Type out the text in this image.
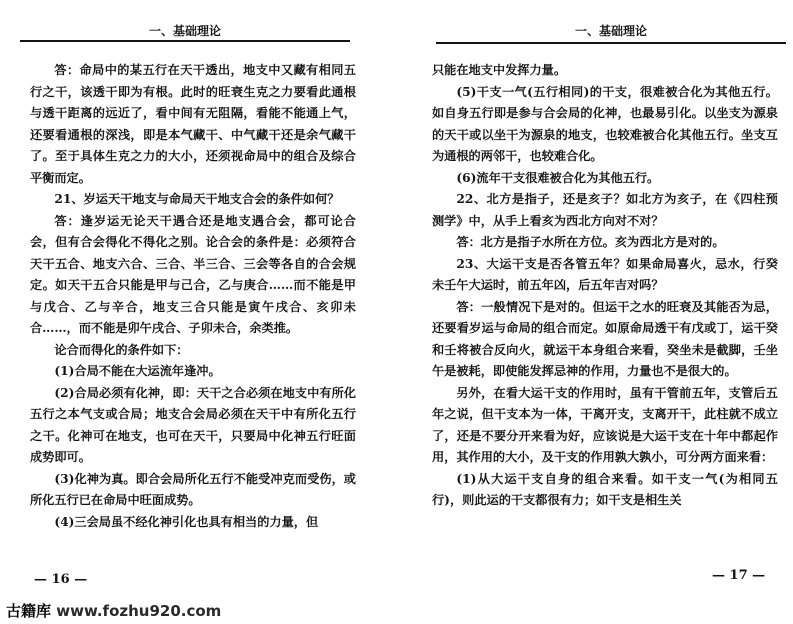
一、基础理论

答：命局中的某五行在天干透出，地支中又藏有相同五行之干，该透干即为有根。此时的旺衰生克之力要看此通根与透干距离的远近了，看中间有无阻隔，看能不能通上气，还要看通根的深浅，即是本气藏干、中气藏干还是余气藏干了。至于具体生克之力的大小，还须视命局中的组合及综合平衡而定。

21、岁运天干地支与命局天干地支合会的条件如何？

答：逢岁运无论天干遇合还是地支遇合会，都可论合会，但有合会得化不得化之别。论合会的条件是：必须符合天干五合、地支六合、三合、半三合、三会等各自的合会规定。如天干五合只能是甲与己合，乙与庚合……而不能是甲与戊合、乙与辛合，地支三合只能是寅午戌合、亥卯未合……，而不能是卯午戌合、子卯未合，余类推。

论合而得化的条件如下：

(1)合局不能在大运流年逢冲。

(2)合局必须有化神，即：天干之合必须在地支中有所化五行之本气支或合局；地支合会局必须在天干中有所化五行之干。化神可在地支，也可在天干，只要局中化神五行旺面成势即可。

(3)化神为真。即合会局所化五行不能受冲克而受伤，或所化五行已在命局中旺面成势。

(4)三会局虽不经化神引化也具有相当的力量，但

— 16 —
一、基础理论

只能在地支中发挥力量。

(5)干支一气(五行相同)的干支，很难被合化为其他五行。如自身五行即是参与合会局的化神，也最易引化。以坐支为源泉的天干或以坐干为源泉的地支，也较难被合化其他五行。坐支互为通根的两邻干，也较难合化。

(6)流年干支很难被合化为其他五行。

22、北方是指子，还是亥子？如北方为亥子，在《四柱预测学》中，从手上看亥为西北方向对不对？

答：北方是指子水所在方位。亥为西北方是对的。

23、大运干支是否各管五年？如果命局喜火，忌水，行癸未壬午大运时，前五年凶，后五年吉对吗？

答：一般情况下是对的。但运干之水的旺衰及其能否为忌，还要看岁运与命局的组合而定。如原命局透干有戊或丁，运干癸和壬将被合反向火，就运干本身组合来看，癸坐未是截脚，壬坐午是被耗，即使能发挥忌神的作用，力量也不是很大的。

另外，在看大运干支的作用时，虽有干管前五年，支管后五年之说，但干支本为一体，干离开支，支离开干，此柱就不成立了，还是不要分开来看为好，应该说是大运干支在十年中都起作用，其作用的大小，及干支的作用孰大孰小，可分两方面来看：

(1)从大运干支自身的组合来看。如干支一气(为相同五行)，则此运的干支都很有力；如干支是相生关

— 17 —
古籍库 www.fozhu920.com
